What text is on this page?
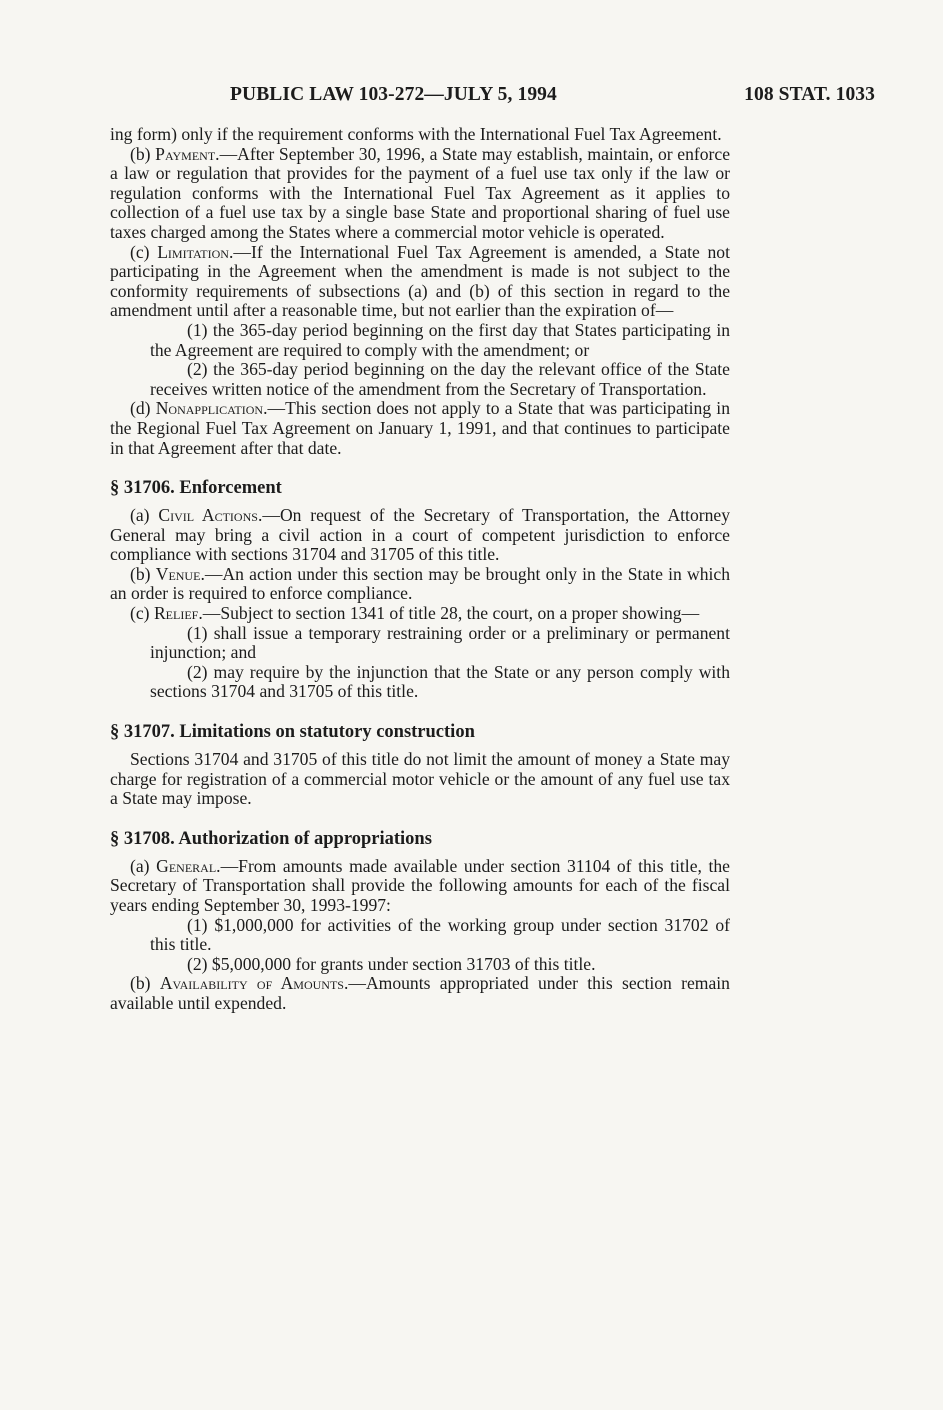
PUBLIC LAW 103-272—JULY 5, 1994	108 STAT. 1033

ing form) only if the requirement conforms with the International Fuel Tax Agreement.

(b) Payment.—After September 30, 1996, a State may establish, maintain, or enforce a law or regulation that provides for the payment of a fuel use tax only if the law or regulation conforms with the International Fuel Tax Agreement as it applies to collection of a fuel use tax by a single base State and proportional sharing of fuel use taxes charged among the States where a commercial motor vehicle is operated.

(c) Limitation.—If the International Fuel Tax Agreement is amended, a State not participating in the Agreement when the amendment is made is not subject to the conformity requirements of subsections (a) and (b) of this section in regard to the amendment until after a reasonable time, but not earlier than the expiration of—

(1) the 365-day period beginning on the first day that States participating in the Agreement are required to comply with the amendment; or

(2) the 365-day period beginning on the day the relevant office of the State receives written notice of the amendment from the Secretary of Transportation.

(d) Nonapplication.—This section does not apply to a State that was participating in the Regional Fuel Tax Agreement on January 1, 1991, and that continues to participate in that Agreement after that date.

§ 31706. Enforcement

(a) Civil Actions.—On request of the Secretary of Transportation, the Attorney General may bring a civil action in a court of competent jurisdiction to enforce compliance with sections 31704 and 31705 of this title.

(b) Venue.—An action under this section may be brought only in the State in which an order is required to enforce compliance.

(c) Relief.—Subject to section 1341 of title 28, the court, on a proper showing—

(1) shall issue a temporary restraining order or a preliminary or permanent injunction; and

(2) may require by the injunction that the State or any person comply with sections 31704 and 31705 of this title.

§ 31707. Limitations on statutory construction

Sections 31704 and 31705 of this title do not limit the amount of money a State may charge for registration of a commercial motor vehicle or the amount of any fuel use tax a State may impose.

§ 31708. Authorization of appropriations

(a) General.—From amounts made available under section 31104 of this title, the Secretary of Transportation shall provide the following amounts for each of the fiscal years ending September 30, 1993-1997:

(1) $1,000,000 for activities of the working group under section 31702 of this title.

(2) $5,000,000 for grants under section 31703 of this title.

(b) Availability of Amounts.—Amounts appropriated under this section remain available until expended.
